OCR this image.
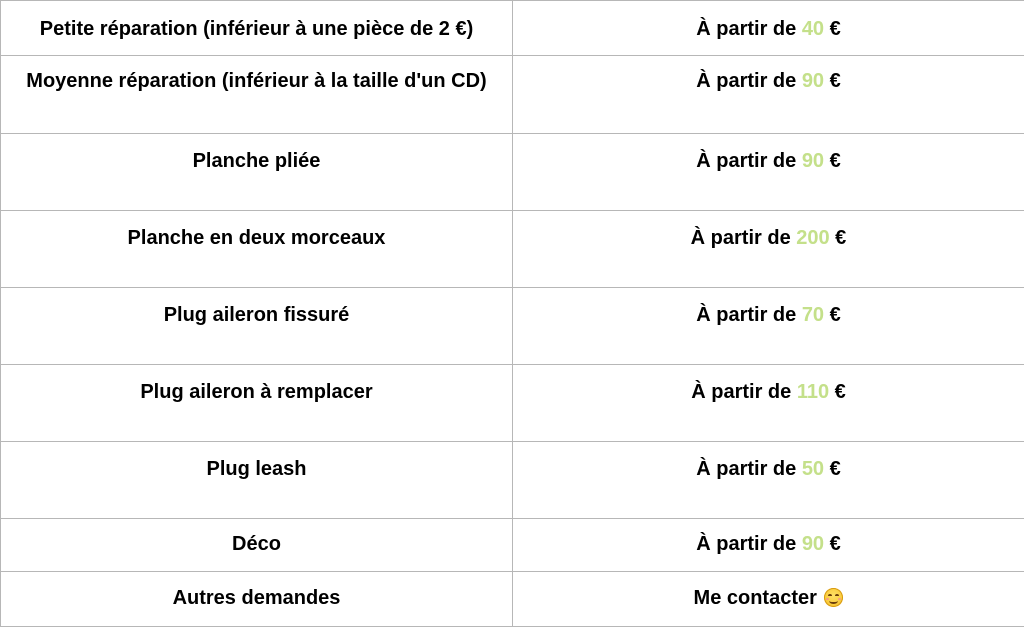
Petite réparation (inférieur à une pièce de 2 €)	À partir de 40 €
Moyenne réparation (inférieur à la taille d'un CD)	À partir de 90 €
Planche pliée	À partir de 90 €
Planche en deux morceaux	À partir de 200 €
Plug aileron fissuré	À partir de 70 €
Plug aileron à remplacer	À partir de 110 €
Plug leash	À partir de 50 €
Déco	À partir de 90 €
Autres demandes	Me contacter
